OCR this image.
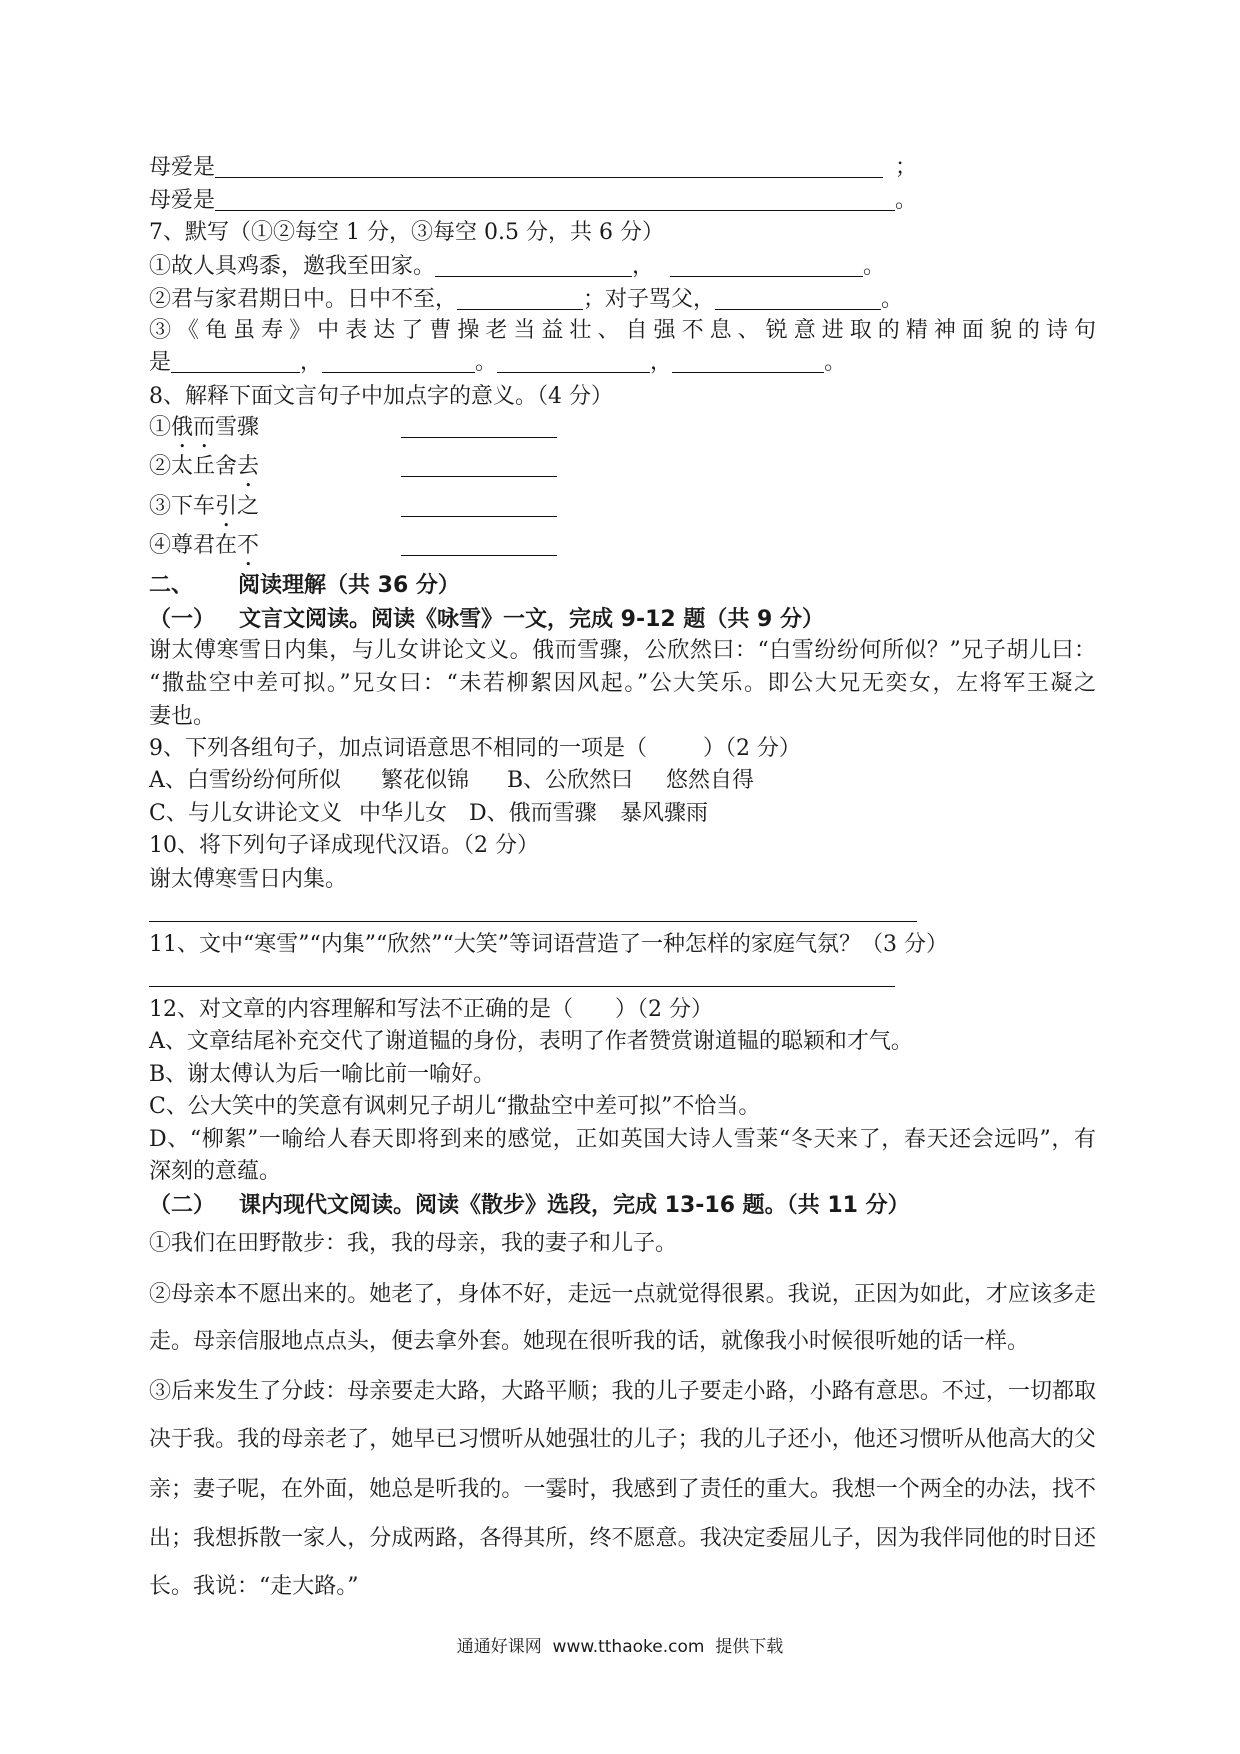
母爱是	；
母爱是	。
7、默写（①②每空 1 分，③每空 0.5 分，共 6 分）
①故人具鸡黍，邀我至田家。	，	。
②君与家君期日中。日中不至，	；对子骂父，	。
③《龟虽寿》中表达了曹操老当益壮、自强不息、锐意进取的精神面貌的诗句
是	，	。	，	。
8、解释下面文言句子中加点字的意义。（4 分）
①俄而雪骤
②太丘舍去
③下车引之
④尊君在不
二、 阅读理解（共 36 分）
（一） 文言文阅读。阅读《咏雪》一文，完成 9-12 题（共 9 分）
谢太傅寒雪日内集，与儿女讲论文义。俄而雪骤，公欣然曰：“白雪纷纷何所似？”兄子胡儿曰：
“撒盐空中差可拟。”兄女曰：“未若柳絮因风起。”公大笑乐。即公大兄无奕女，左将军王凝之
妻也。
9、下列各组句子，加点词语意思不相同的一项是（        ）（2 分）
A、白雪纷纷何所似 繁花似锦 B、公欣然曰 悠然自得
C、与儿女讲论文义 中华儿女 D、俄而雪骤 暴风骤雨
10、将下列句子译成现代汉语。（2 分）
谢太傅寒雪日内集。
11、文中“寒雪”“内集”“欣然”“大笑”等词语营造了一种怎样的家庭气氛？（3 分）
12、对文章的内容理解和写法不正确的是（      ）（2 分）
A、文章结尾补充交代了谢道韫的身份，表明了作者赞赏谢道韫的聪颖和才气。
B、谢太傅认为后一喻比前一喻好。
C、公大笑中的笑意有讽刺兄子胡儿“撒盐空中差可拟”不恰当。
D、“柳絮”一喻给人春天即将到来的感觉，正如英国大诗人雪莱“冬天来了，春天还会远吗”，有
深刻的意蕴。
（二） 课内现代文阅读。阅读《散步》选段，完成 13-16 题。（共 11 分）
①我们在田野散步：我，我的母亲，我的妻子和儿子。
②母亲本不愿出来的。她老了，身体不好，走远一点就觉得很累。我说，正因为如此，才应该多走
走。母亲信服地点点头，便去拿外套。她现在很听我的话，就像我小时候很听她的话一样。
③后来发生了分歧：母亲要走大路，大路平顺；我的儿子要走小路，小路有意思。不过，一切都取
决于我。我的母亲老了，她早已习惯听从她强壮的儿子；我的儿子还小，他还习惯听从他高大的父
亲；妻子呢，在外面，她总是听我的。一霎时，我感到了责任的重大。我想一个两全的办法，找不
出；我想拆散一家人，分成两路，各得其所，终不愿意。我决定委屈儿子，因为我伴同他的时日还
长。我说：“走大路。”
通通好课网  www.tthaoke.com  提供下载
